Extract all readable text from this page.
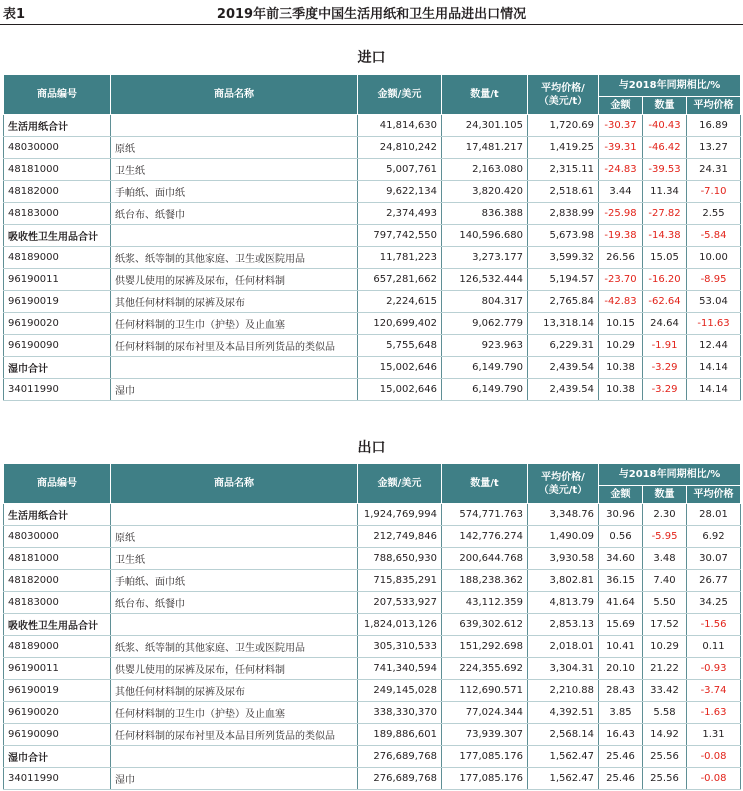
表1	2019年前三季度中国生活用纸和卫生用品进出口情况
进口
商品编号	商品名称	金额/美元	数量/t	平均价格/
（美元/t）	与2018年同期相比/%		
					金额	数量	平均价格
生活用纸合计		41,814,630	24,301.105	1,720.69	-30.37	-40.43	16.89
48030000	原纸	24,810,242	17,481.217	1,419.25	-39.31	-46.42	13.27
48181000	卫生纸	5,007,761	2,163.080	2,315.11	-24.83	-39.53	24.31
48182000	手帕纸、面巾纸	9,622,134	3,820.420	2,518.61	3.44	11.34	-7.10
48183000	纸台布、纸餐巾	2,374,493	836.388	2,838.99	-25.98	-27.82	2.55
吸收性卫生用品合计		797,742,550	140,596.680	5,673.98	-19.38	-14.38	-5.84
48189000	纸浆、纸等制的其他家庭、卫生或医院用品	11,781,223	3,273.177	3,599.32	26.56	15.05	10.00
96190011	供婴儿使用的尿裤及尿布，任何材料制	657,281,662	126,532.444	5,194.57	-23.70	-16.20	-8.95
96190019	其他任何材料制的尿裤及尿布	2,224,615	804.317	2,765.84	-42.83	-62.64	53.04
96190020	任何材料制的卫生巾（护垫）及止血塞	120,699,402	9,062.779	13,318.14	10.15	24.64	-11.63
96190090	任何材料制的尿布衬里及本品目所列货品的类似品	5,755,648	923.963	6,229.31	10.29	-1.91	12.44
湿巾合计		15,002,646	6,149.790	2,439.54	10.38	-3.29	14.14
34011990	湿巾	15,002,646	6,149.790	2,439.54	10.38	-3.29	14.14
出口
商品编号	商品名称	金额/美元	数量/t	平均价格/
（美元/t）	与2018年同期相比/%		
					金额	数量	平均价格
生活用纸合计		1,924,769,994	574,771.763	3,348.76	30.96	2.30	28.01
48030000	原纸	212,749,846	142,776.274	1,490.09	0.56	-5.95	6.92
48181000	卫生纸	788,650,930	200,644.768	3,930.58	34.60	3.48	30.07
48182000	手帕纸、面巾纸	715,835,291	188,238.362	3,802.81	36.15	7.40	26.77
48183000	纸台布、纸餐巾	207,533,927	43,112.359	4,813.79	41.64	5.50	34.25
吸收性卫生用品合计		1,824,013,126	639,302.612	2,853.13	15.69	17.52	-1.56
48189000	纸浆、纸等制的其他家庭、卫生或医院用品	305,310,533	151,292.698	2,018.01	10.41	10.29	0.11
96190011	供婴儿使用的尿裤及尿布，任何材料制	741,340,594	224,355.692	3,304.31	20.10	21.22	-0.93
96190019	其他任何材料制的尿裤及尿布	249,145,028	112,690.571	2,210.88	28.43	33.42	-3.74
96190020	任何材料制的卫生巾（护垫）及止血塞	338,330,370	77,024.344	4,392.51	3.85	5.58	-1.63
96190090	任何材料制的尿布衬里及本品目所列货品的类似品	189,886,601	73,939.307	2,568.14	16.43	14.92	1.31
湿巾合计		276,689,768	177,085.176	1,562.47	25.46	25.56	-0.08
34011990	湿巾	276,689,768	177,085.176	1,562.47	25.46	25.56	-0.08
